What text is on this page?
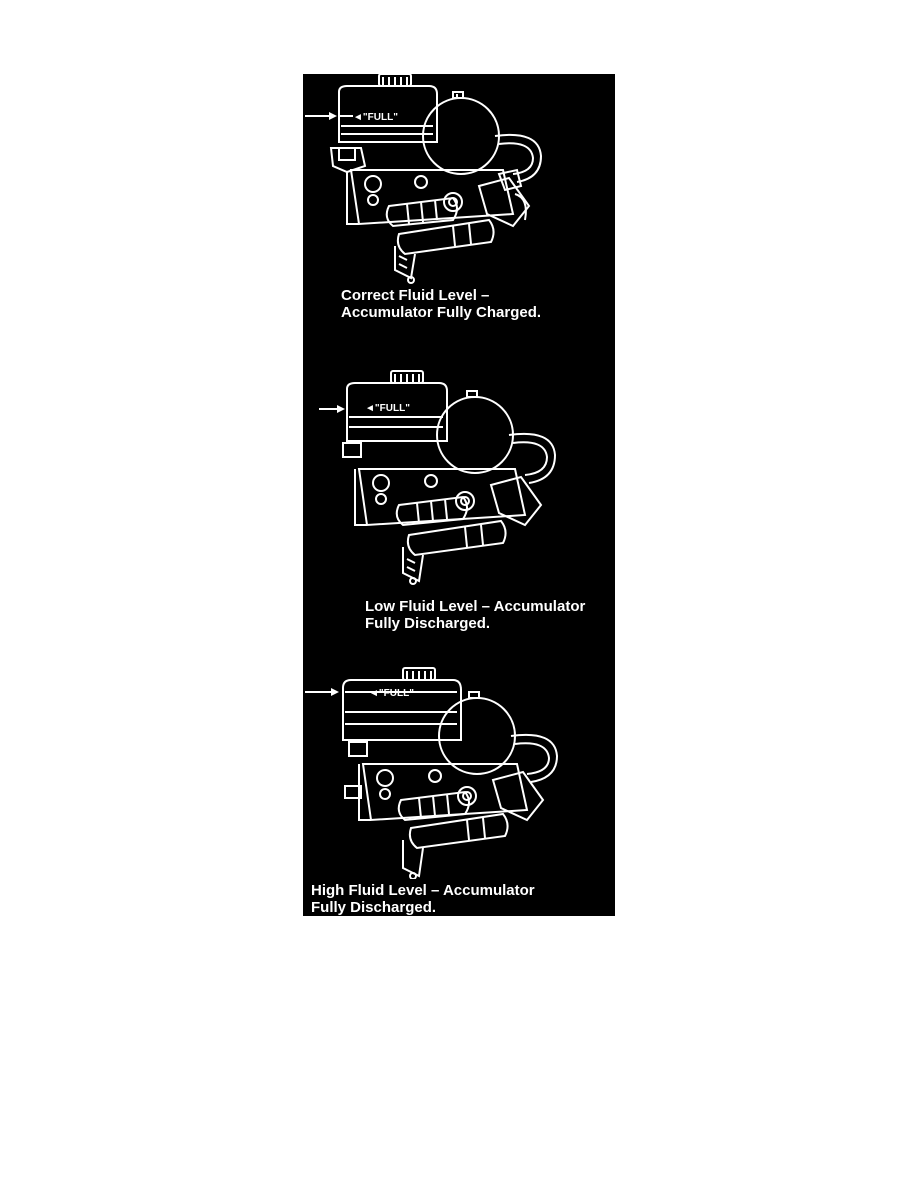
◄"FULL"

Correct Fluid Level –
Accumulator Fully Charged.

◄"FULL"

Low Fluid Level – Accumulator
Fully Discharged.

◄"FULL"

High Fluid Level – Accumulator
Fully Discharged.
